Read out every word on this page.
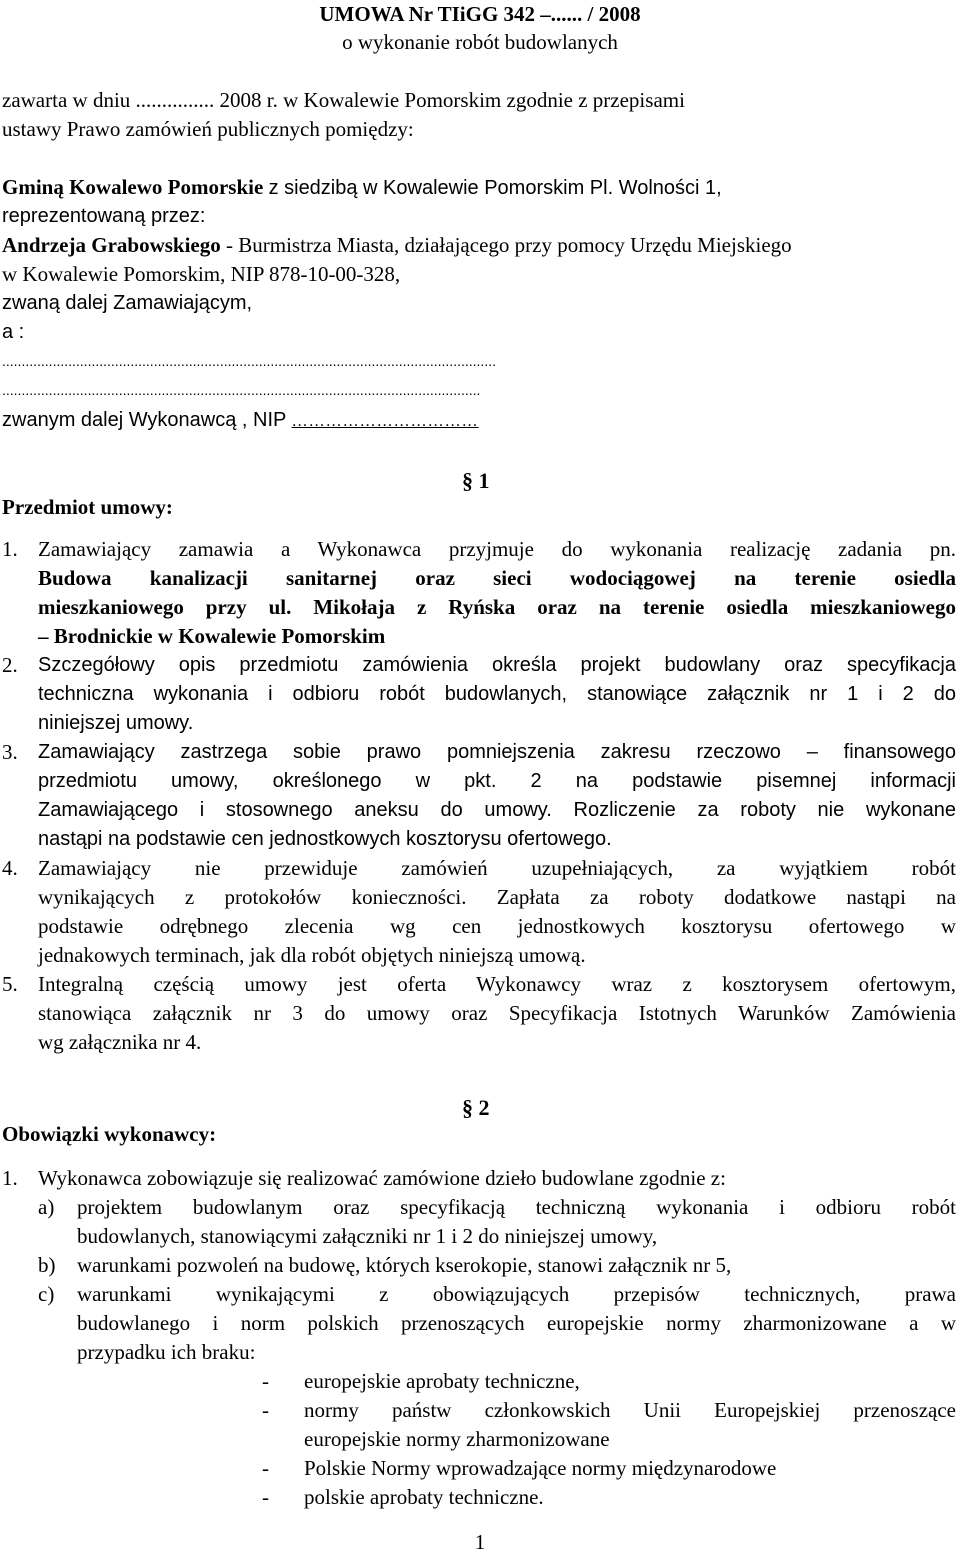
UMOWA Nr TIiGG 342 –...... / 2008
o wykonanie robót budowlanych
zawarta w dniu ............... 2008 r. w Kowalewie Pomorskim zgodnie z przepisami
ustawy Prawo zamówień publicznych pomiędzy:
Gminą Kowalewo Pomorskie z siedzibą w Kowalewie Pomorskim Pl. Wolności 1,
reprezentowaną przez:
Andrzeja Grabowskiego - Burmistrza Miasta, działającego przy pomocy Urzędu Miejskiego
w Kowalewie Pomorskim, NIP 878-10-00-328,
zwaną dalej Zamawiającym,
a :
...............................................................................................................................
...........................................................................................................................
zwanym dalej Wykonawcą , NIP ……………………………
§ 1
Przedmiot umowy:
1. Zamawiający zamawia a Wykonawca przyjmuje do wykonania realizację zadania pn.
Budowa kanalizacji sanitarnej oraz sieci wodociągowej na terenie osiedla
mieszkaniowego przy ul. Mikołaja z Ryńska oraz na terenie osiedla mieszkaniowego
– Brodnickie w Kowalewie Pomorskim
2. Szczegółowy opis przedmiotu zamówienia określa projekt budowlany oraz specyfikacja
techniczna wykonania i odbioru robót budowlanych, stanowiące załącznik nr 1 i 2 do
niniejszej umowy.
3. Zamawiający zastrzega sobie prawo pomniejszenia zakresu rzeczowo – finansowego
przedmiotu umowy, określonego w pkt. 2 na podstawie pisemnej informacji
Zamawiającego i stosownego aneksu do umowy. Rozliczenie za roboty nie wykonane
nastąpi na podstawie cen jednostkowych kosztorysu ofertowego.
4. Zamawiający nie przewiduje zamówień uzupełniających, za wyjątkiem robót
wynikających z protokołów konieczności. Zapłata za roboty dodatkowe nastąpi na
podstawie odrębnego zlecenia wg cen jednostkowych kosztorysu ofertowego w
jednakowych terminach, jak dla robót objętych niniejszą umową.
5. Integralną częścią umowy jest oferta Wykonawcy wraz z kosztorysem ofertowym,
stanowiąca załącznik nr 3 do umowy oraz Specyfikacja Istotnych Warunków Zamówienia
wg załącznika nr 4.
§ 2
Obowiązki wykonawcy:
1. Wykonawca zobowiązuje się realizować zamówione dzieło budowlane zgodnie z:
a) projektem budowlanym oraz specyfikacją techniczną wykonania i odbioru robót
budowlanych, stanowiącymi załączniki nr 1 i 2 do niniejszej umowy,
b) warunkami pozwoleń na budowę, których kserokopie, stanowi załącznik nr 5,
c) warunkami wynikającymi z obowiązujących przepisów technicznych, prawa
budowlanego i norm polskich przenoszących europejskie normy zharmonizowane a w
przypadku ich braku:
- europejskie aprobaty techniczne,
- normy państw członkowskich Unii Europejskiej przenoszące
europejskie normy zharmonizowane
- Polskie Normy wprowadzające normy międzynarodowe
- polskie aprobaty techniczne.
1
